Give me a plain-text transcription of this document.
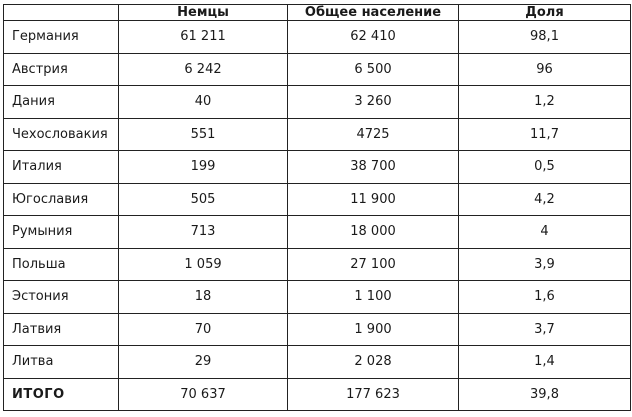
	Немцы	Общее население	Доля
Германия	61 211	62 410	98,1
Австрия	6 242	6 500	96
Дания	40	3 260	1,2
Чехословакия	551	4725	11,7
Италия	199	38 700	0,5
Югославия	505	11 900	4,2
Румыния	713	18 000	4
Польша	1 059	27 100	3,9
Эстония	18	1 100	1,6
Латвия	70	1 900	3,7
Литва	29	2 028	1,4
ИТОГО	70 637	177 623	39,8
